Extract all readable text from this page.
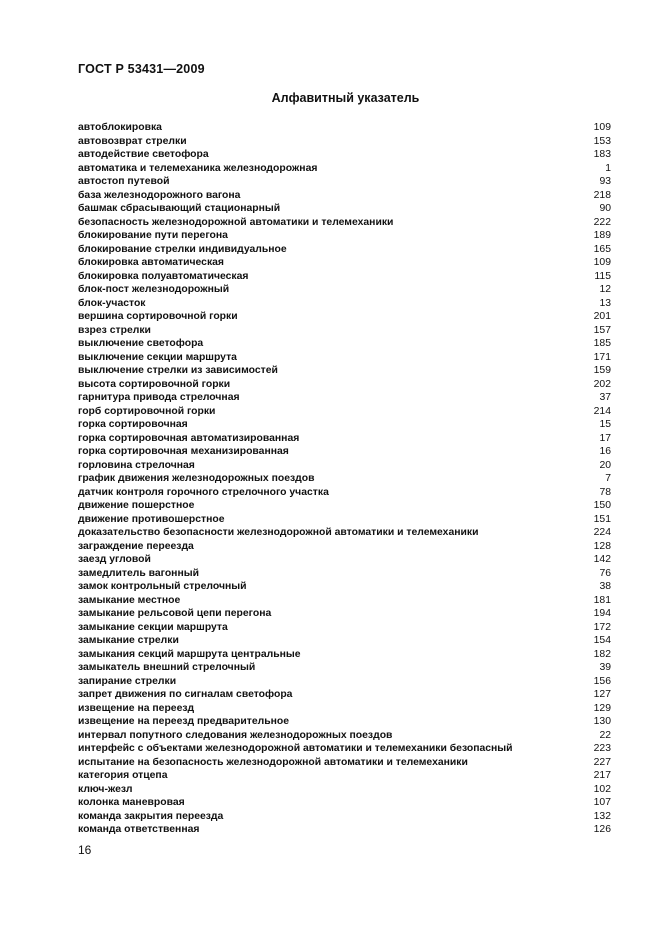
ГОСТ Р 53431—2009
Алфавитный указатель
автоблокировка	109
автовозврат стрелки	153
автодействие светофора	183
автоматика и телемеханика железнодорожная	1
автостоп путевой	93
база железнодорожного вагона	218
башмак сбрасывающий стационарный	90
безопасность железнодорожной автоматики и телемеханики	222
блокирование пути перегона	189
блокирование стрелки индивидуальное	165
блокировка автоматическая	109
блокировка полуавтоматическая	115
блок-пост железнодорожный	12
блок-участок	13
вершина сортировочной горки	201
взрез стрелки	157
выключение светофора	185
выключение секции маршрута	171
выключение стрелки из зависимостей	159
высота сортировочной горки	202
гарнитура привода стрелочная	37
горб сортировочной горки	214
горка сортировочная	15
горка сортировочная автоматизированная	17
горка сортировочная механизированная	16
горловина стрелочная	20
график движения железнодорожных поездов	7
датчик контроля горочного стрелочного участка	78
движение пошерстное	150
движение противошерстное	151
доказательство безопасности железнодорожной автоматики и телемеханики	224
заграждение переезда	128
заезд угловой	142
замедлитель вагонный	76
замок контрольный стрелочный	38
замыкание местное	181
замыкание рельсовой цепи перегона	194
замыкание секции маршрута	172
замыкание стрелки	154
замыкания секций маршрута центральные	182
замыкатель внешний стрелочный	39
запирание стрелки	156
запрет движения по сигналам светофора	127
извещение на переезд	129
извещение на переезд предварительное	130
интервал попутного следования железнодорожных поездов	22
интерфейс с объектами железнодорожной автоматики и телемеханики безопасный	223
испытание на безопасность железнодорожной автоматики и телемеханики	227
категория отцепа	217
ключ-жезл	102
колонка маневровая	107
команда закрытия переезда	132
команда ответственная	126
16
